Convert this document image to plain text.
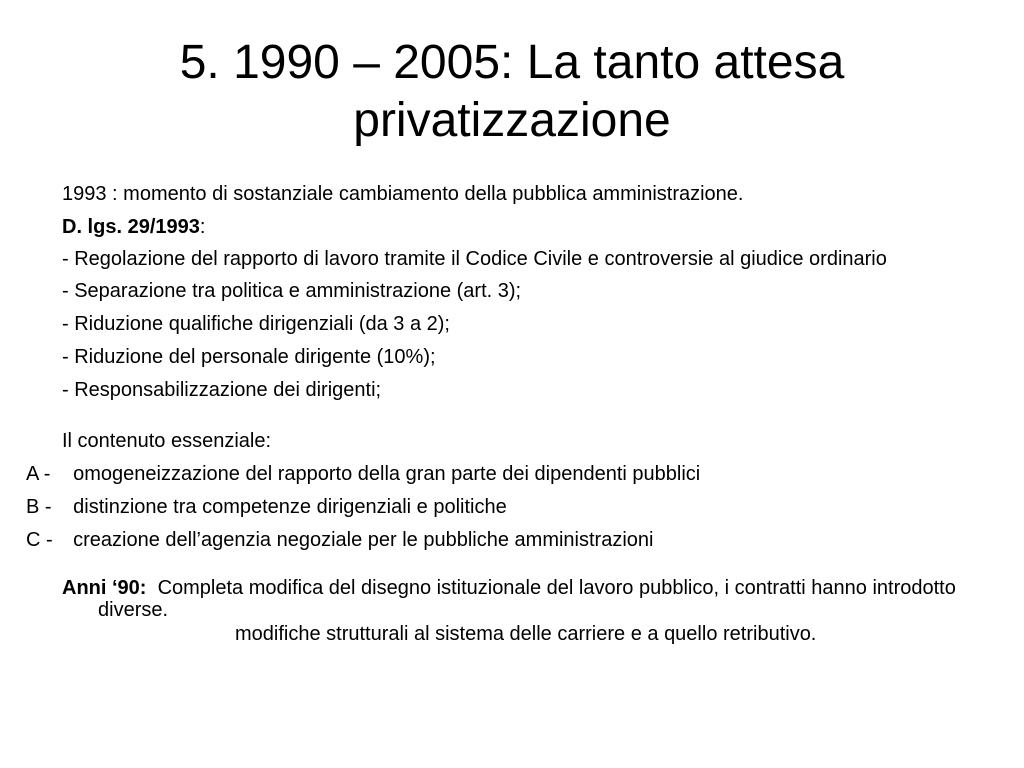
5. 1990 – 2005: La tanto attesa privatizzazione

1993 : momento di sostanziale cambiamento della pubblica amministrazione.

D. lgs. 29/1993:

- Regolazione del rapporto di lavoro tramite il Codice Civile e controversie al giudice ordinario

- Separazione tra politica e amministrazione (art. 3);

- Riduzione qualifiche dirigenziali (da 3 a 2);

- Riduzione del personale dirigente (10%);

- Responsabilizzazione dei dirigenti;

Il contenuto essenziale:

A - omogeneizzazione del rapporto della gran parte dei dipendenti pubblici

B - distinzione tra competenze dirigenziali e politiche

C - creazione dell’agenzia negoziale per le pubbliche amministrazioni

Anni ‘90: Completa modifica del disegno istituzionale del lavoro pubblico, i contratti hanno introdotto diverse.
modifiche strutturali al sistema delle carriere e a quello retributivo.
